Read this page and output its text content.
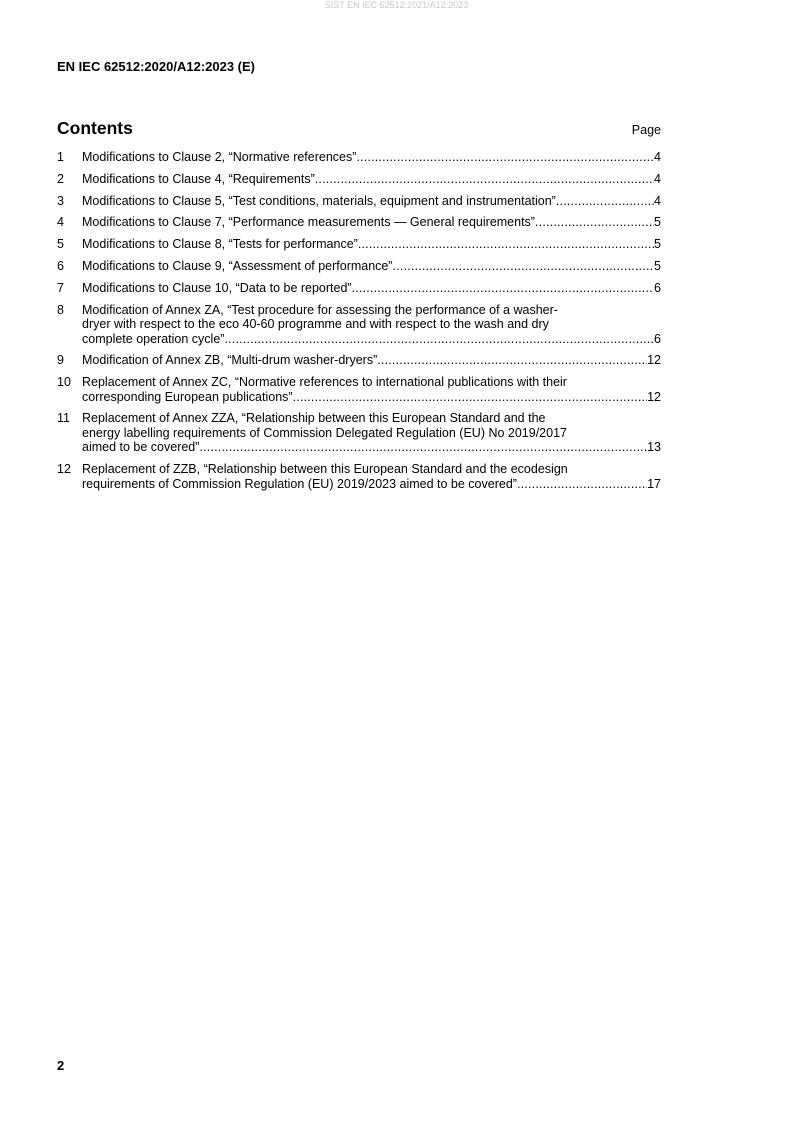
SIST EN IEC 62512:2021/A12:2023
EN IEC 62512:2020/A12:2023 (E)
Contents	Page
1	Modifications to Clause 2, “Normative references” .....	4
2	Modifications to Clause 4, “Requirements” .....	4
3	Modifications to Clause 5, “Test conditions, materials, equipment and instrumentation” .....	4
4	Modifications to Clause 7, “Performance measurements — General requirements” .....	5
5	Modifications to Clause 8, “Tests for performance” .....	5
6	Modifications to Clause 9, “Assessment of performance” .....	5
7	Modifications to Clause 10, “Data to be reported” .....	6
8	Modification of Annex ZA, “Test procedure for assessing the performance of a washer-
dryer with respect to the eco 40-60 programme and with respect to the wash and dry
complete operation cycle” .....	6
9	Modification of Annex ZB, “Multi-drum washer-dryers” .....	12
10 Replacement of Annex ZC, “Normative references to international publications with their
corresponding European publications” .....	12
11 Replacement of Annex ZZA, “Relationship between this European Standard and the
energy labelling requirements of Commission Delegated Regulation (EU) No 2019/2017
aimed to be covered” .....	13
12 Replacement of ZZB, “Relationship between this European Standard and the ecodesign
requirements of Commission Regulation (EU) 2019/2023 aimed to be covered” .....	17
2
